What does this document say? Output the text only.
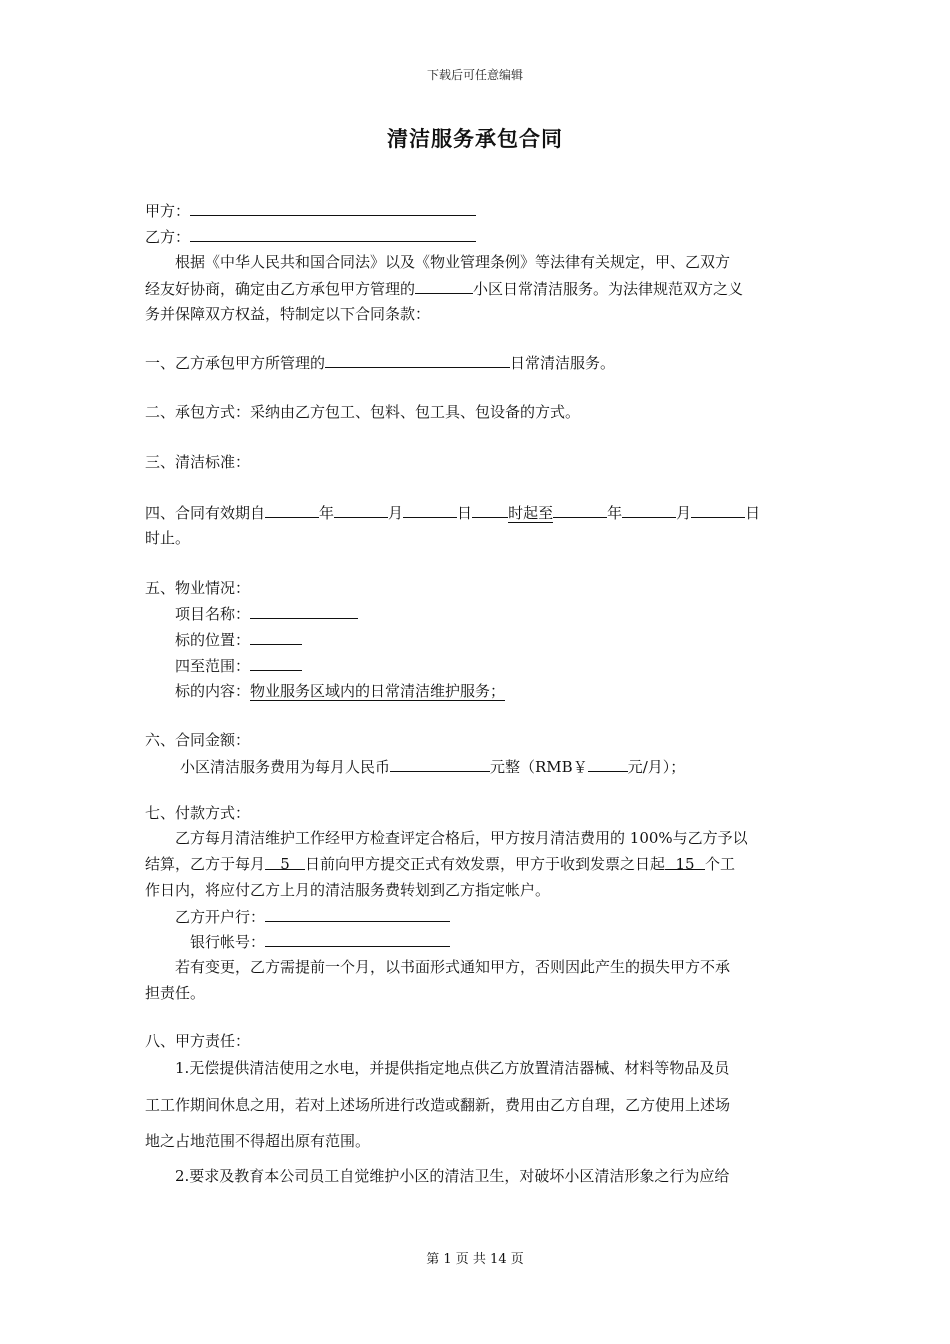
下载后可任意编辑
清洁服务承包合同
甲方：
乙方：
根据《中华人民共和国合同法》以及《物业管理条例》等法律有关规定，甲、乙双方
经友好协商，确定由乙方承包甲方管理的	小区日常清洁服务。为法律规范双方之义
务并保障双方权益，特制定以下合同条款：
一、乙方承包甲方所管理的	日常清洁服务。
二、承包方式：采纳由乙方包工、包料、包工具、包设备的方式。
三、清洁标准：
四、合同有效期自	年	月	日 时起至	年	月	日
时止。
五、物业情况：
项目名称：
标的位置：
四至范围：
标的内容：物业服务区域内的日常清洁维护服务；
六、合同金额：
小区清洁服务费用为每月人民币	元整（RMB￥	元/月）；
七、付款方式：
乙方每月清洁维护工作经甲方检查评定合格后，甲方按月清洁费用的 100%与乙方予以
结算，乙方于每月 5 日前向甲方提交正式有效发票，甲方于收到发票之日起 15 个工
作日内，将应付乙方上月的清洁服务费转划到乙方指定帐户。
乙方开户行：
银行帐号：
若有变更，乙方需提前一个月，以书面形式通知甲方，否则因此产生的损失甲方不承
担责任。
八、甲方责任：
1.无偿提供清洁使用之水电，并提供指定地点供乙方放置清洁器械、材料等物品及员
工工作期间休息之用，若对上述场所进行改造或翻新，费用由乙方自理，乙方使用上述场
地之占地范围不得超出原有范围。
2.要求及教育本公司员工自觉维护小区的清洁卫生，对破坏小区清洁形象之行为应给
第 1 页 共 14 页
